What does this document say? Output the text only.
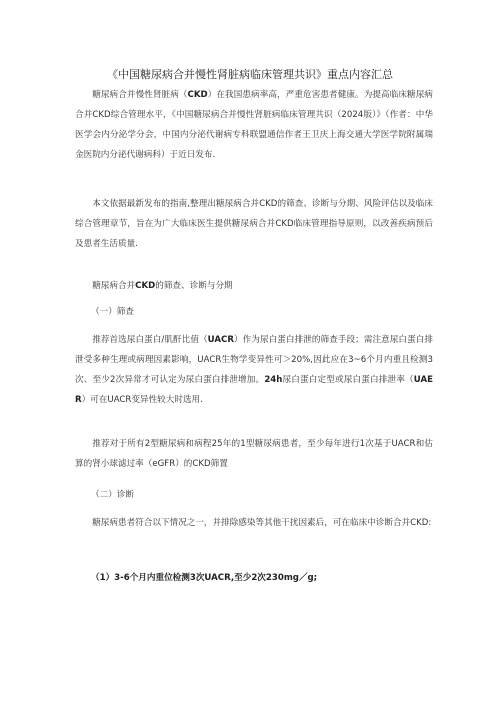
《中国糖尿病合并慢性肾脏病临床管理共识》重点内容汇总

糖尿病合并慢性肾脏病（CKD）在我国患病率高，严重危害患者健康。为提高临床糖尿病合并CKD综合管理水平，《中国糖尿病合并慢性肾脏病临床管理共识（2024版）》（作者：中华医学会内分泌学分会，中国内分泌代谢病专科联盟通信作者王卫庆上海交通大学医学院附属瑞金医院内分泌代谢病科）于近日发布.

本文依据最新发布的指南,整理出糖尿病合并CKD的筛查、诊断与分期、风险评估以及临床综合管理章节，旨在为广大临床医生提供糖尿病合并CKD临床管理指导原则，以改善疾病预后及患者生活质量.

糖尿病合并CKD的筛查、诊断与分期
（一）筛查

推荐首选尿白蛋白/肌酐比值（UACR）作为尿白蛋白排泄的筛查手段；需注意尿白蛋白排泄受多种生理或病理因素影响，UACR生物学变异性可＞20%,因此应在3~6个月内重且检测3次、至少2次异常才可认定为尿白蛋白排泄增加。24h尿白蛋白定型或尿白蛋白排泄率（UAER）可在UACR变异性较大时选用.

推荐对于所有2型糖尿病和病程25年的1型糖尿病患者，至少每年进行1次基于UACR和估算的肾小球滤过率（eGFR）的CKD筛置

（二）诊断

糖尿病患者符合以下情况之一，并排除感染等其他干扰因素后，可在临床中诊断合并CKD:

（1）3-6个月内重位检测3次UACR,至少2次230mg／g;
